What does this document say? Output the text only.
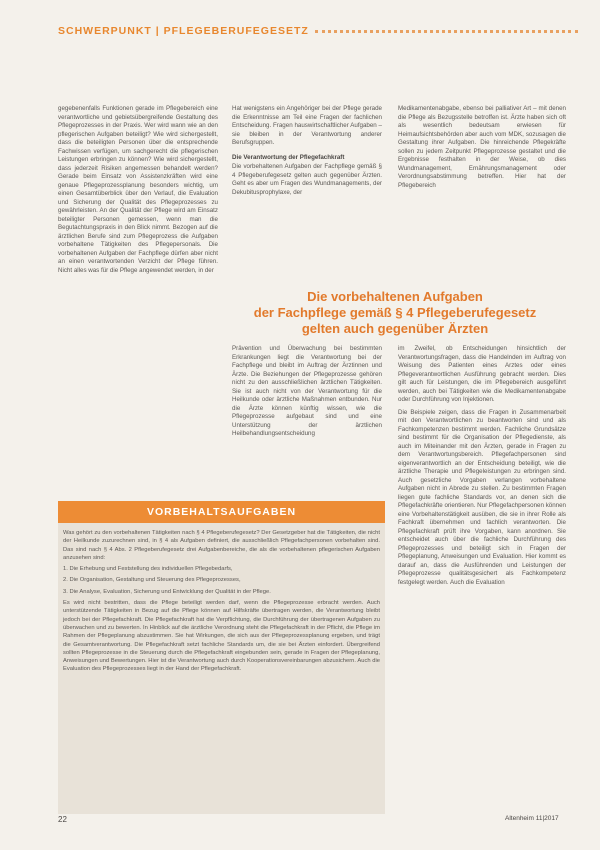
SCHWERPUNKT | PFLEGEBERUFEGESETZ

gegebenenfalls Funktionen gerade im Pflegebereich eine verantwortliche und gebietsübergreifende Gestaltung des Pflegeprozesses in der Praxis. Wer wird wann wie an den pflegerischen Aufgaben beteiligt? Wie wird sichergestellt, dass die beteiligten Personen über die entsprechende Fachwissen verfügen, um sachgerecht die pflegerischen Leistungen erbringen zu können? Wie wird sichergestellt, dass jederzeit Risiken angemessen behandelt werden? Gerade beim Einsatz von Assistenzkräften wird eine genaue Pflegeprozessplanung besonders wichtig, um einen Gesamtüberblick über den Verlauf, die Evaluation und Sicherung der Qualität des Pflegeprozesses zu gewährleisten. An der Qualität der Pflege wird am Einsatz beteiligter Personen gemessen, wenn man die Begutachtungspraxis in den Blick nimmt. Bezogen auf die ärztlichen Berufe sind zum Pflegeprozess die Aufgaben vorbehaltene Tätigkeiten des Pflegepersonals. Die vorbehaltenen Aufgaben der Fachpflege dürfen aber nicht an einen verantwortenden Verzicht der Pflege führen. Nicht alles was für die Pflege angewendet werden, in der

Hat wenigstens ein Angehöriger bei der Pflege gerade die Erkenntnisse am Teil eine Fragen der fachlichen Entscheidung. Fragen hauswirtschaftlicher Aufgaben – sie bleiben in der Verantwortung anderer Berufsgruppen.

Die Verantwortung der Pflegefachkraft

Die vorbehaltenen Aufgaben der Fachpflege gemäß § 4 Pflegeberufegesetz gelten auch gegenüber Ärzten. Geht es aber um Fragen des Wundmanagements, der Dekubitusprophylaxe, der

Medikamentenabgabe, ebenso bei palliativer Art – mit denen die Pflege als Bezugsstelle betroffen ist. Ärzte haben sich oft als wesentlich bedeutsam erwiesen für Heimaufsichtsbehörden aber auch vom MDK, sozusagen die Gestaltung ihrer Aufgaben. Die hinreichende Pflegekräfte sollen zu jedem Zeitpunkt Pflegeprozesse gestaltet und die Ergebnisse festhalten in der Weise, ob dies Wundmanagement, Ernährungsmanagement oder Verordnungsabstimmung betreffen. Hier hat der Pflegebereich

Die vorbehaltenen Aufgaben
der Fachpflege gemäß § 4 Pflegeberufegesetz
gelten auch gegenüber Ärzten

Prävention und Überwachung bei bestimmten Erkrankungen liegt die Verantwortung bei der Fachpflege und bleibt im Auftrag der Ärztinnen und Ärzte. Die Beziehungen der Pflegeprozesse gehören nicht zu den ausschließlichen ärztlichen Tätigkeiten. Sie ist auch nicht von der Verantwortung für die Heilkunde oder ärztliche Maßnahmen entbunden. Nur die Ärzte können künftig wissen, wie die Pflegeprozesse aufgebaut sind und eine Unterstützung der ärztlichen Heilbehandlungsentscheidung

im Zweifel, ob Entscheidungen hinsichtlich der Verantwortungsfragen, dass die Handelnden im Auftrag von Weisung des Patienten eines Arztes oder eines Pflegeverantwortlichen Ausführung gebracht werden. Dies gilt auch für Leistungen, die im Pflegebereich ausgeführt werden, auch bei Tätigkeiten wie die Medikamentenabgabe oder Durchführung von Injektionen.

Die Beispiele zeigen, dass die Fragen in Zusammenarbeit mit den Verantwortlichen zu beantworten sind und als Fachkompetenzen bestimmt werden. Fachliche Grundsätze sind bestimmt für die Organisation der Pflegedienste, als auch im Miteinander mit den Ärzten, gerade in Fragen zu dem Verantwortungsbereich. Pflegefachpersonen sind eigenverantwortlich an der Entscheidung beteiligt, wie die ärztliche Therapie und Pflegeleistungen zu erbringen sind. Auch gesetzliche Vorgaben verlangen vorbehaltene Aufgaben nicht in Abrede zu stellen. Zu bestimmten Fragen liegen gute fachliche Standards vor, an denen sich die Pflegefachkräfte orientieren. Nur Pflegefachpersonen können eine Vorbehaltenstätigkeit ausüben, die sie in ihrer Rolle als Fachkraft übernehmen und fachlich verantworten. Die Pflegefachkraft prüft ihre Vorgaben, kann anordnen. Sie entscheidet auch über die fachliche Durchführung des Pflegeprozesses und beteiligt sich in Fragen der Pflegeplanung, Anweisungen und Evaluation. Hier kommt es darauf an, dass die Ausführenden und Leistungen der Pflegeprozesse qualitätsgesichert als Fachkompetenz festgelegt werden. Auch die Evaluation

VORBEHALTSAUFGABEN

Was gehört zu den vorbehaltenen Tätigkeiten nach § 4 Pflegeberufegesetz? Der Gesetzgeber hat die Tätigkeiten, die nicht der Heilkunde zuzurechnen sind, in § 4 als Aufgaben definiert, die ausschließlich Pflegefachpersonen vorbehalten sind. Das sind nach § 4 Abs. 2 Pflegeberufegesetz drei Aufgabenbereiche, die als die vorbehaltenen pflegerischen Aufgaben anzusehen sind:

1. Die Erhebung und Feststellung des individuellen Pflegebedarfs,
2. Die Organisation, Gestaltung und Steuerung des Pflegeprozesses,
3. Die Analyse, Evaluation, Sicherung und Entwicklung der Qualität in der Pflege.

Es wird nicht bestritten, dass die Pflege beteiligt werden darf, wenn die Pflegeprozesse erbracht werden. Auch unterstützende Tätigkeiten in Bezug auf die Pflege können auf Hilfskräfte übertragen werden, die Verantwortung bleibt jedoch bei der Pflegefachkraft. Die Pflegefachkraft hat die Verpflichtung, die Durchführung der übertragenen Aufgaben zu überwachen und zu bewerten. In Hinblick auf die ärztliche Verordnung steht die Pflegefachkraft in der Pflicht, die Pflege im Rahmen der Pflegeplanung abzustimmen. Sie hat Wirkungen, die sich aus der Pflegeprozessplanung ergeben, und trägt die Gesamtverantwortung. Die Pflegefachkraft setzt fachliche Standards um, die sie bei Ärzten einfordert. Übergreifend sollten Pflegeprozesse in die Steuerung durch die Pflegefachkraft eingebunden sein, gerade in Fragen der Pflegeplanung, Anweisungen und Bewertungen. Hier ist die Verantwortung auch durch Kooperationsvereinbarungen abzusichern. Auch die Evaluation des Pflegeprozesses liegt in der Hand der Pflegefachkraft.

22	Altenheim 11|2017
